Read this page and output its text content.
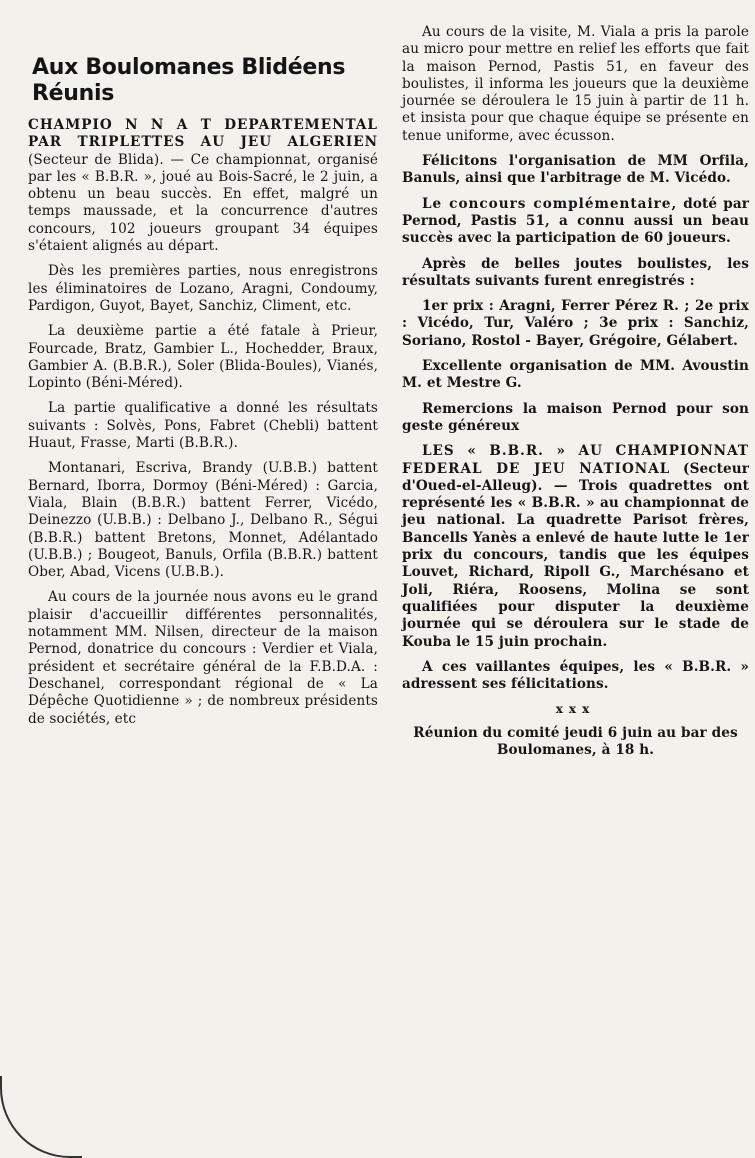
Aux Boulomanes Blidéens Réunis

CHAMPIO N N A T DEPARTEMENTAL PAR TRIPLETTES AU JEU ALGERIEN (Secteur de Blida). — Ce championnat, organisé par les « B.B.R. », joué au Bois-Sacré, le 2 juin, a obtenu un beau succès. En effet, malgré un temps maussade, et la concurrence d'autres concours, 102 joueurs groupant 34 équipes s'étaient alignés au départ.

Dès les premières parties, nous enregistrons les éliminatoires de Lozano, Aragni, Condoumy, Pardigon, Guyot, Bayet, Sanchiz, Climent, etc.

La deuxième partie a été fatale à Prieur, Fourcade, Bratz, Gambier L., Hochedder, Braux, Gambier A. (B.B.R.), Soler (Blida-Boules), Vianés, Lopinto (Béni-Méred).

La partie qualificative a donné les résultats suivants : Solvès, Pons, Fabret (Chebli) battent Huaut, Frasse, Marti (B.B.R.).

Montanari, Escriva, Brandy (U.B.B.) battent Bernard, Iborra, Dormoy (Béni-Méred) : Garcia, Viala, Blain (B.B.R.) battent Ferrer, Vicédo, Deinezzo (U.B.B.) : Delbano J., Delbano R., Ségui (B.B.R.) battent Bretons, Monnet, Adélantado (U.B.B.) ; Bougeot, Banuls, Orfila (B.B.R.) battent Ober, Abad, Vicens (U.B.B.).

Au cours de la journée nous avons eu le grand plaisir d'accueillir différentes personnalités, notamment MM. Nilsen, directeur de la maison Pernod, donatrice du concours : Verdier et Viala, président et secrétaire général de la F.B.D.A. : Deschanel, correspondant régional de « La Dépêche Quotidienne » ; de nombreux présidents de sociétés, etc

Au cours de la visite, M. Viala a pris la parole au micro pour mettre en relief les efforts que fait la maison Pernod, Pastis 51, en faveur des boulistes, il informa les joueurs que la deuxième journée se déroulera le 15 juin à partir de 11 h. et insista pour que chaque équipe se présente en tenue uniforme, avec écusson.

Félicitons l'organisation de MM Orfila, Banuls, ainsi que l'arbitrage de M. Vicédo.

Le concours complémentaire, doté par Pernod, Pastis 51, a connu aussi un beau succès avec la participation de 60 joueurs.

Après de belles joutes boulistes, les résultats suivants furent enregistrés :

1er prix : Aragni, Ferrer Pérez R. ; 2e prix : Vicédo, Tur, Valéro ; 3e prix : Sanchiz, Soriano, Rostol - Bayer, Grégoire, Gélabert.

Excellente organisation de MM. Avoustin M. et Mestre G.

Remercions la maison Pernod pour son geste généreux

LES « B.B.R. » AU CHAMPIONNAT FEDERAL DE JEU NATIONAL (Secteur d'Oued-el-Alleug). — Trois quadrettes ont représenté les « B.B.R. » au championnat de jeu national. La quadrette Parisot frères, Bancells Yanès a enlevé de haute lutte le 1er prix du concours, tandis que les équipes Louvet, Richard, Ripoll G., Marchésano et Joli, Riéra, Roosens, Molina se sont qualifiées pour disputer la deuxième journée qui se déroulera sur le stade de Kouba le 15 juin prochain.

A ces vaillantes équipes, les « B.B.R. » adressent ses félicitations.

xxx

Réunion du comité jeudi 6 juin au bar des Boulomanes, à 18 h.
